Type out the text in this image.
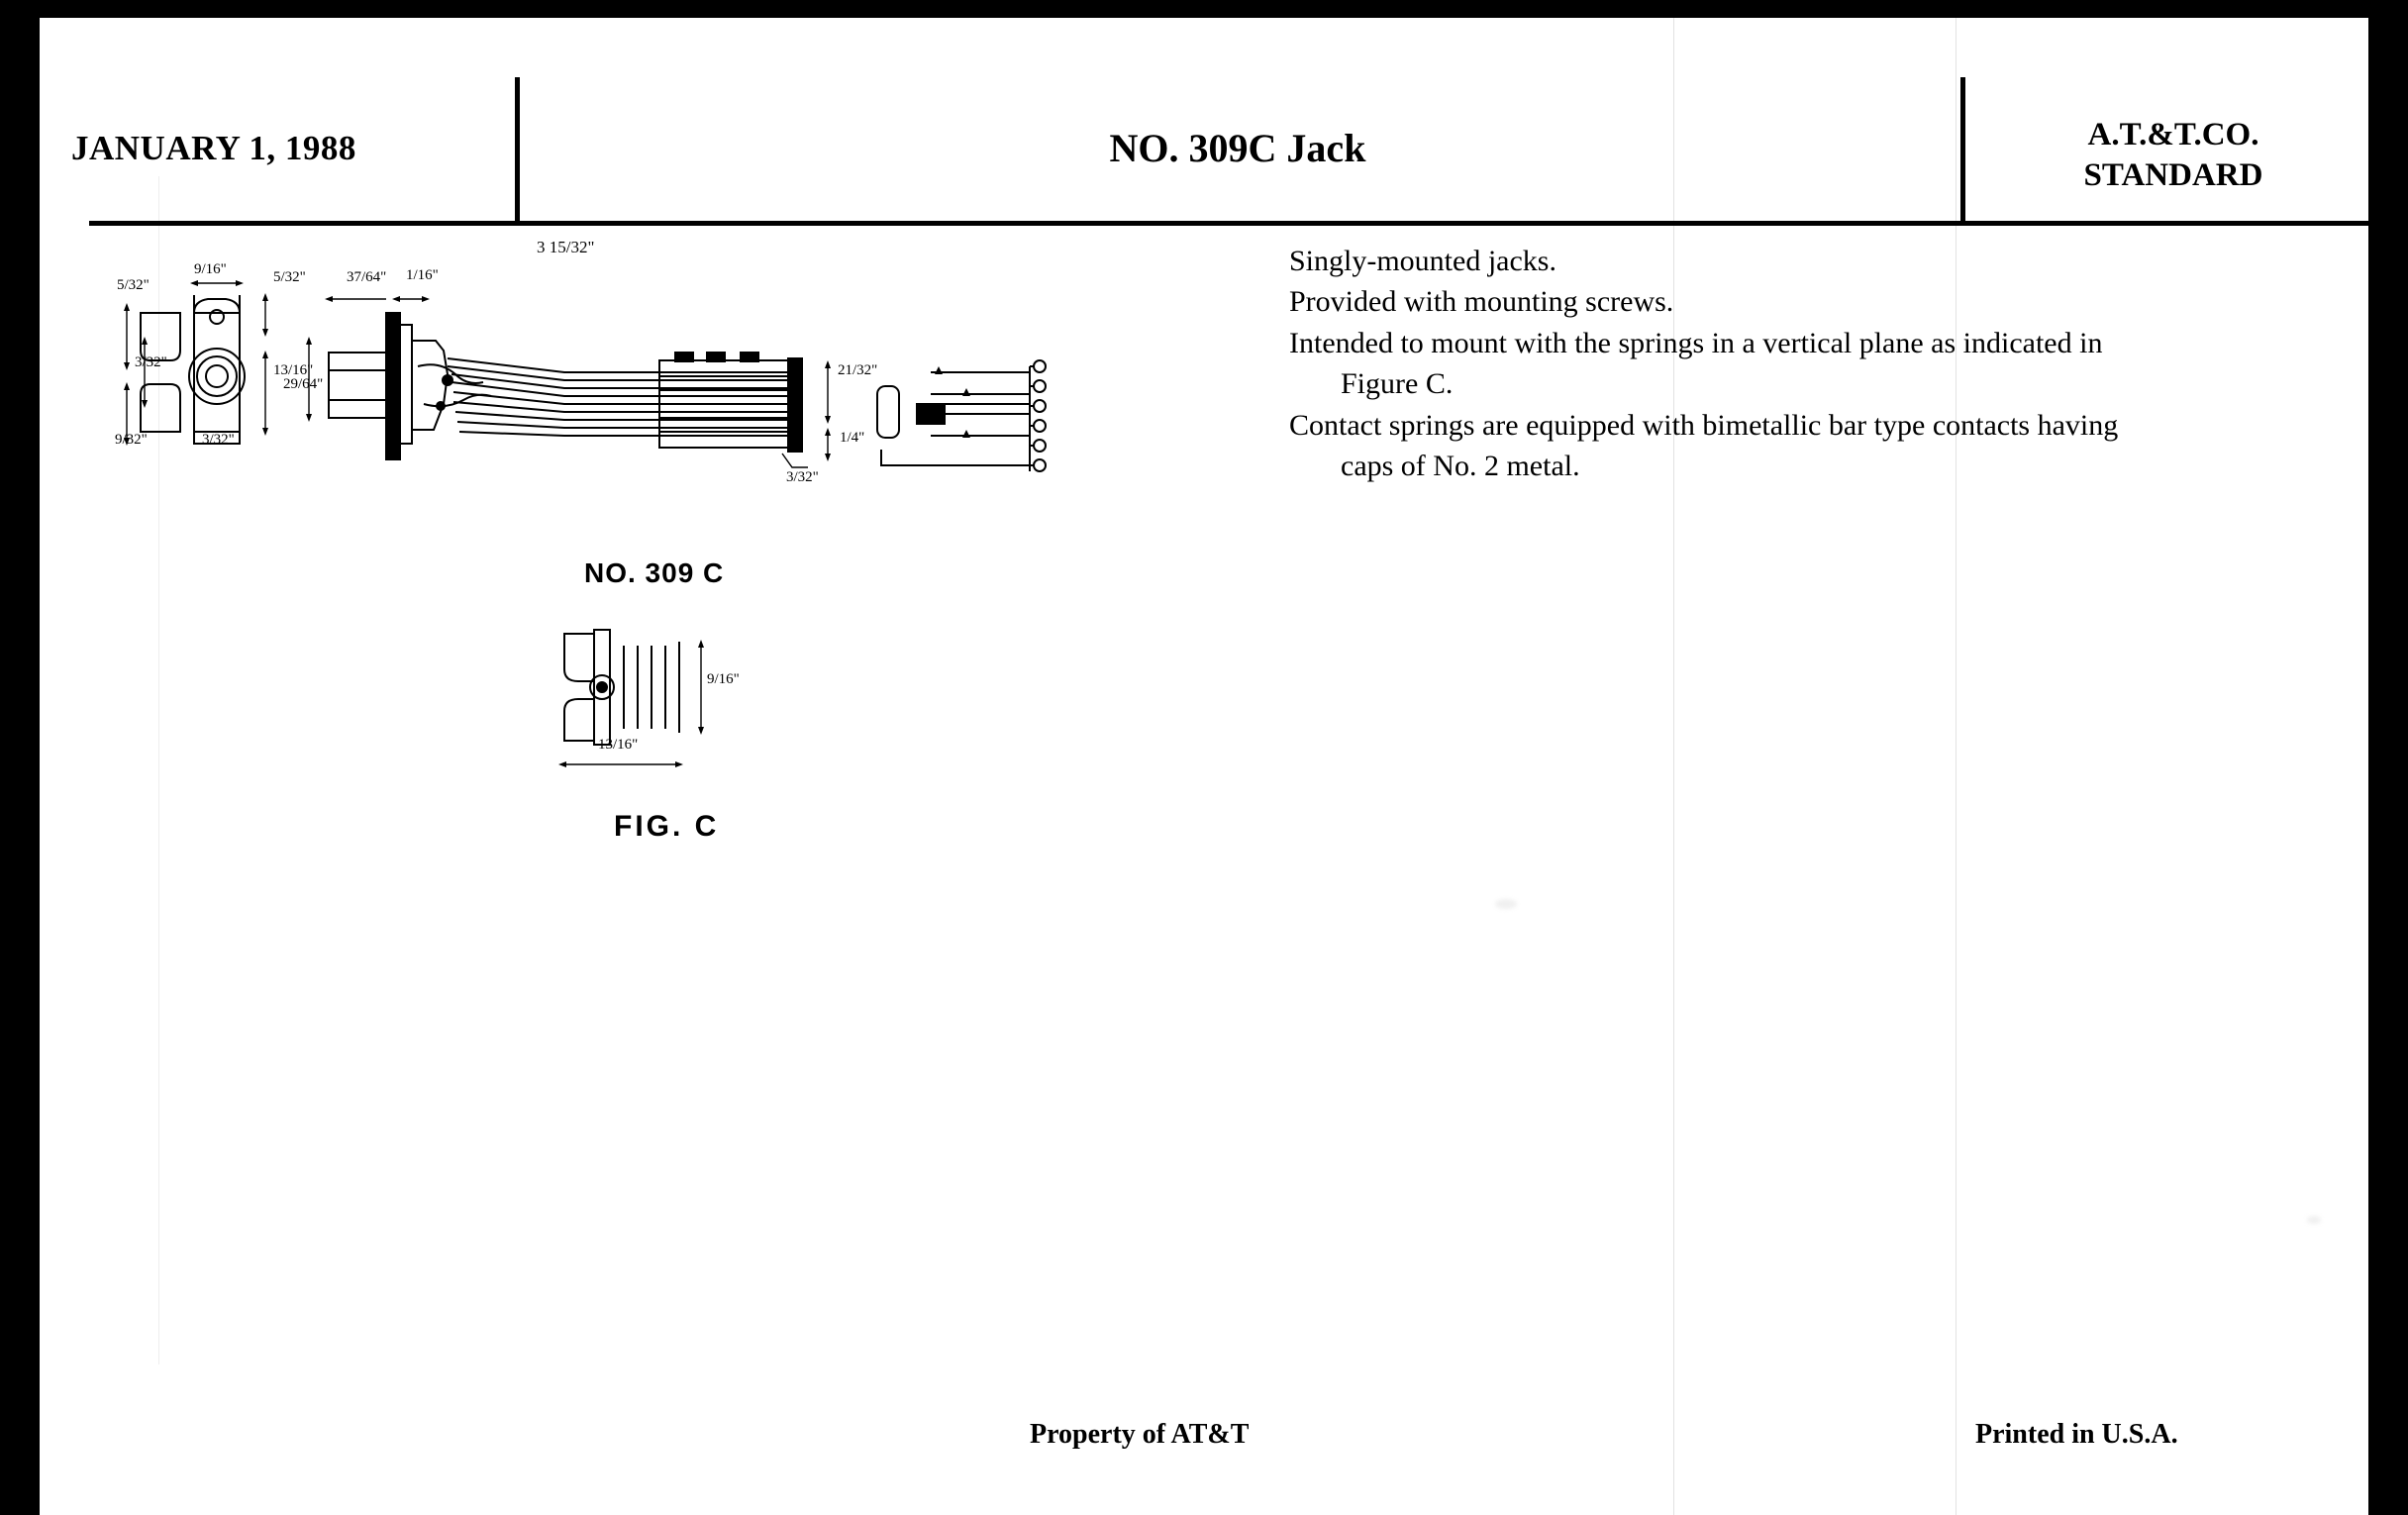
JANUARY 1, 1988	NO. 309C Jack	A.T.&T.CO.
STANDARD
Singly-mounted jacks.
Provided with mounting screws.
Intended to mount with the springs in a vertical plane as indicated in
Figure C.
Contact springs are equipped with bimetallic bar type contacts having
caps of No. 2 metal.
NO. 309 C
FIG. C
5/32"
9/16"	5/32"
3/32"
9/32"	3/32"
13/16"
29/64"
37/64" 1/16"
3 15/32"
21/32"
1/4"
3/32"
9/16"
13/16"
Property of AT&T	Printed in U.S.A.
